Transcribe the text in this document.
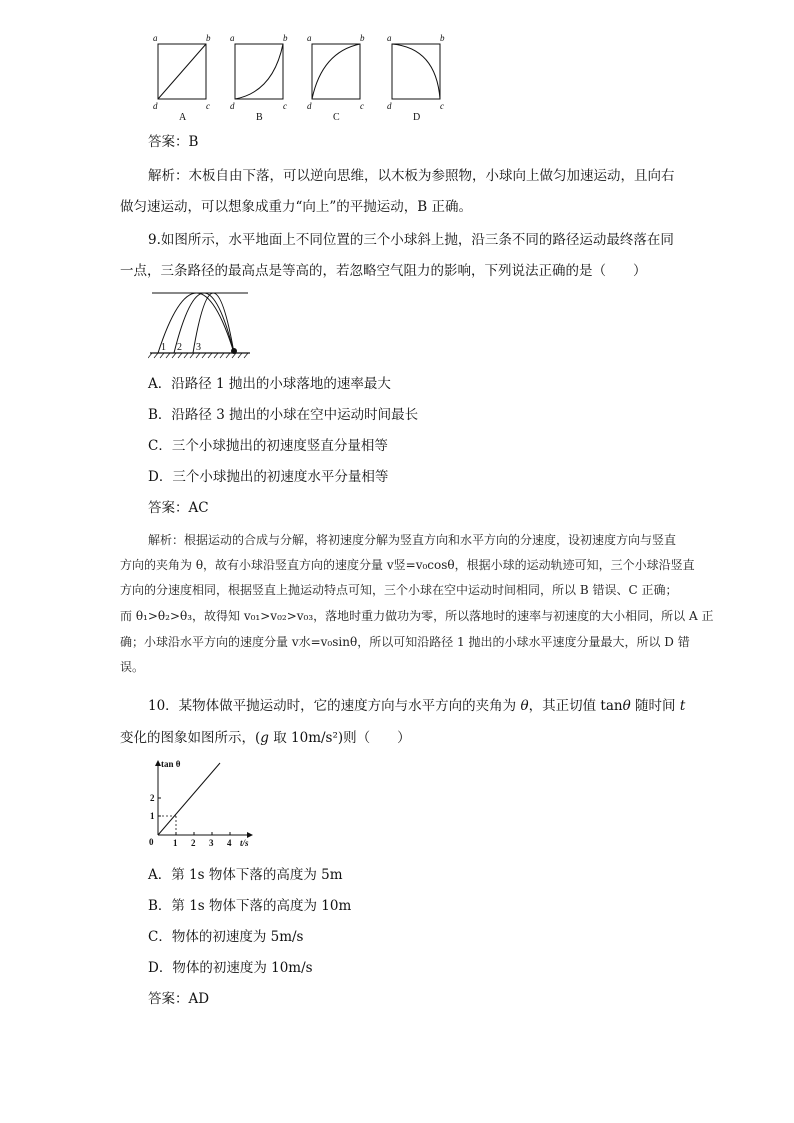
a	b
d	c
a	b
d	c
a	b
d	c
a	b
d	c
A	B	C	D
答案：B
解析：木板自由下落，可以逆向思维，以木板为参照物，小球向上做匀加速运动，且向右
做匀速运动，可以想象成重力“向上”的平抛运动，B 正确。
9.如图所示，水平地面上不同位置的三个小球斜上抛，沿三条不同的路径运动最终落在同
一点，三条路径的最高点是等高的，若忽略空气阻力的影响，下列说法正确的是（　　）
1 2 3
A．沿路径 1 抛出的小球落地的速率最大
B．沿路径 3 抛出的小球在空中运动时间最长
C．三个小球抛出的初速度竖直分量相等
D．三个小球抛出的初速度水平分量相等
答案：AC
解析：根据运动的合成与分解，将初速度分解为竖直方向和水平方向的分速度，设初速度方向与竖直
方向的夹角为 θ，故有小球沿竖直方向的速度分量 v竖=v₀cosθ，根据小球的运动轨迹可知，三个小球沿竖直
方向的分速度相同，根据竖直上抛运动特点可知，三个小球在空中运动时间相同，所以 B 错误、C 正确；
而 θ₁>θ₂>θ₃，故得知 v₀₁>v₀₂>v₀₃，落地时重力做功为零，所以落地时的速率与初速度的大小相同，所以 A 正
确；小球沿水平方向的速度分量 v水=v₀sinθ，所以可知沿路径 1 抛出的小球水平速度分量最大，所以 D 错
误。
10．某物体做平抛运动时，它的速度方向与水平方向的夹角为 θ，其正切值 tanθ 随时间 t
变化的图象如图所示，(g 取 10m/s²)则（　　）
tan θ
0 1 2 3 4 t/s
1
2
A．第 1s 物体下落的高度为 5m
B．第 1s 物体下落的高度为 10m
C．物体的初速度为 5m/s
D．物体的初速度为 10m/s
答案：AD
